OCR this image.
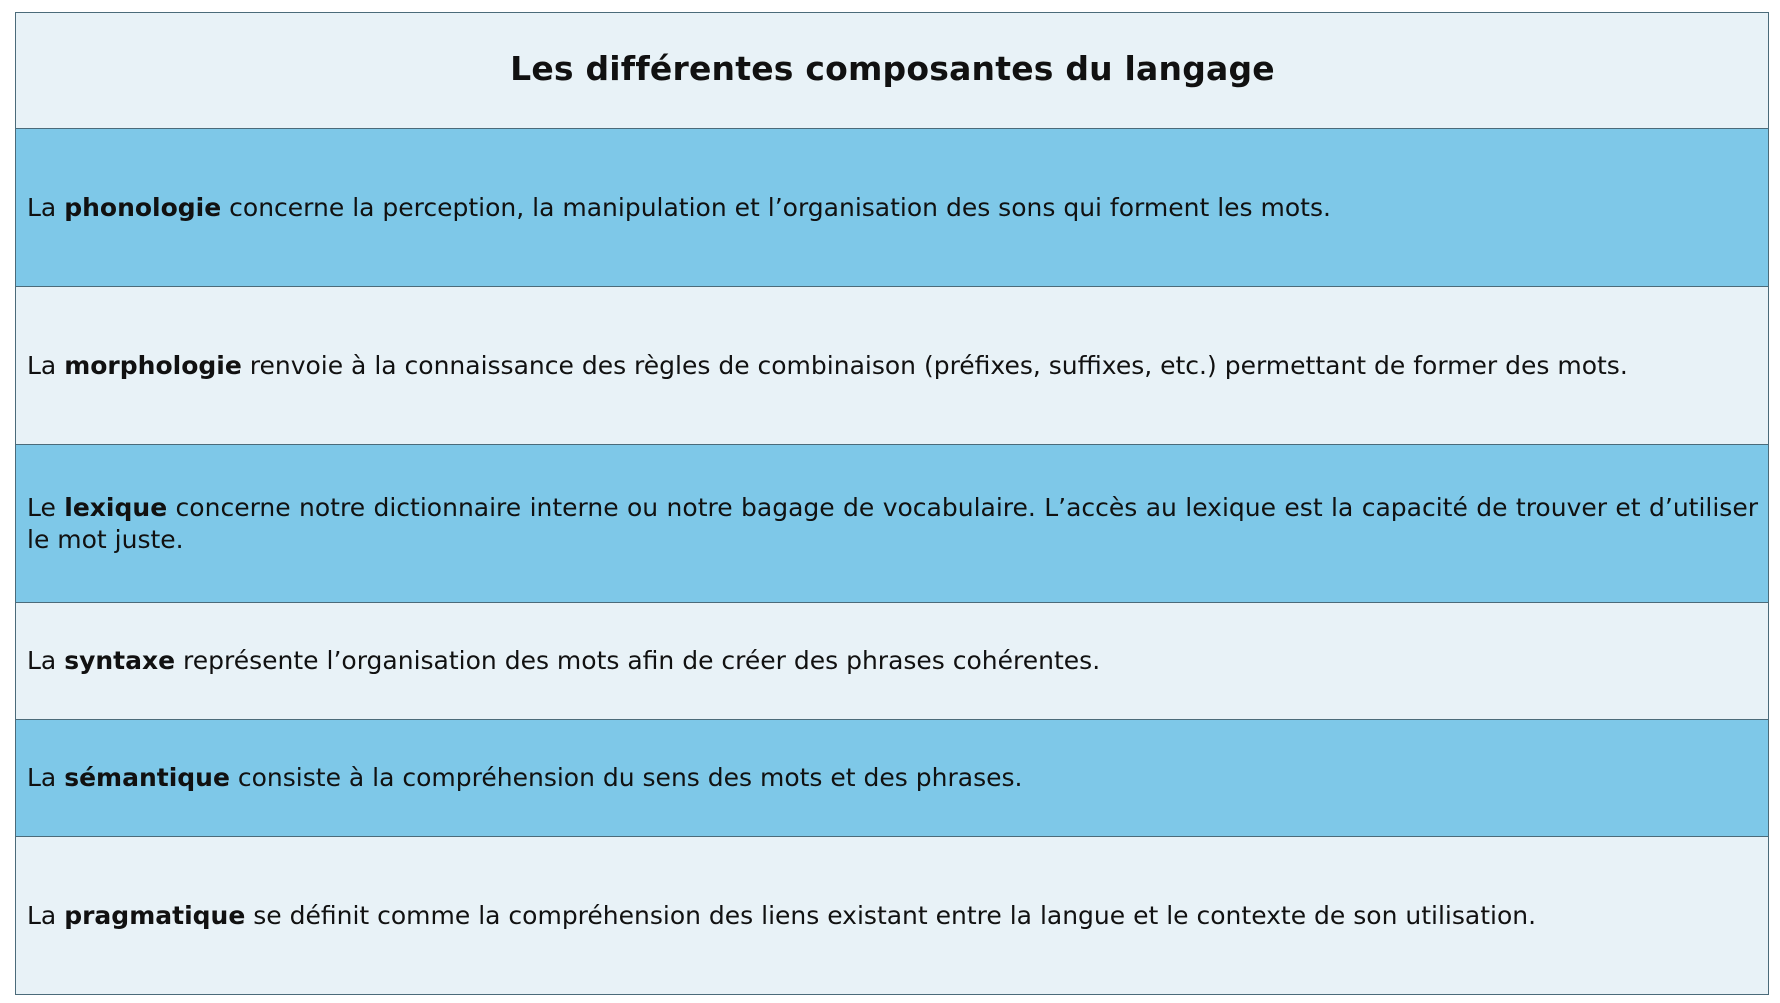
Les différentes composantes du langage
La phonologie concerne la perception, la manipulation et l’organisation des sons qui forment les mots.
La morphologie renvoie à la connaissance des règles de combinaison (préfixes, suffixes, etc.) permettant de former des mots.
Le lexique concerne notre dictionnaire interne ou notre bagage de vocabulaire. L’accès au lexique est la capacité de trouver et d’utiliser le mot juste.
La syntaxe représente l’organisation des mots afin de créer des phrases cohérentes.
La sémantique consiste à la compréhension du sens des mots et des phrases.
La pragmatique se définit comme la compréhension des liens existant entre la langue et le contexte de son utilisation.
